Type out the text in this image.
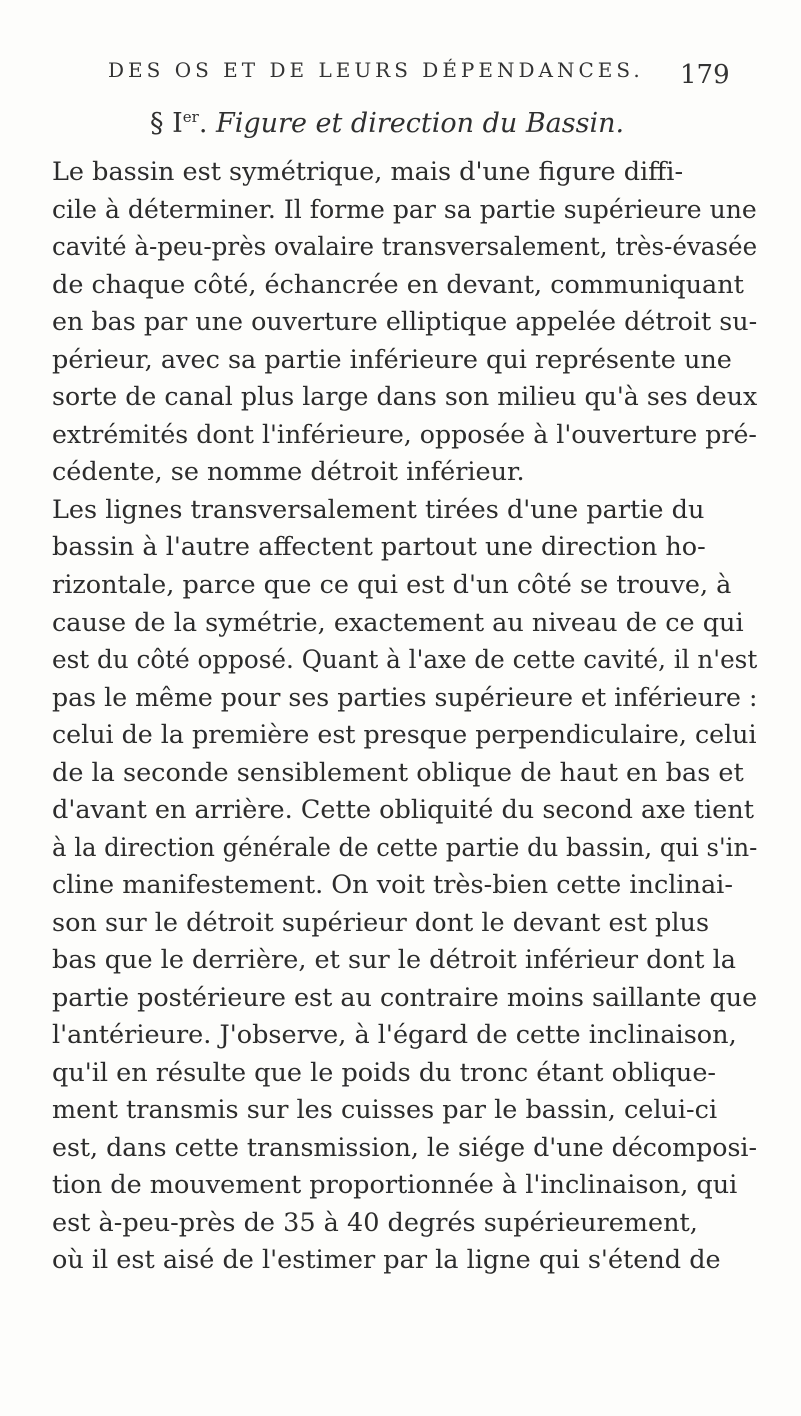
DES OS ET DE LEURS DÉPENDANCES. 179
§ Ier. Figure et direction du Bassin.
Le bassin est symétrique, mais d'une figure diffi-
cile à déterminer. Il forme par sa partie supérieure une
cavité à-peu-près ovalaire transversalement, très-évasée
de chaque côté, échancrée en devant, communiquant
en bas par une ouverture elliptique appelée détroit su-
périeur, avec sa partie inférieure qui représente une
sorte de canal plus large dans son milieu qu'à ses deux
extrémités dont l'inférieure, opposée à l'ouverture pré-
cédente, se nomme détroit inférieur.
Les lignes transversalement tirées d'une partie du
bassin à l'autre affectent partout une direction ho-
rizontale, parce que ce qui est d'un côté se trouve, à
cause de la symétrie, exactement au niveau de ce qui
est du côté opposé. Quant à l'axe de cette cavité, il n'est
pas le même pour ses parties supérieure et inférieure :
celui de la première est presque perpendiculaire, celui
de la seconde sensiblement oblique de haut en bas et
d'avant en arrière. Cette obliquité du second axe tient
à la direction générale de cette partie du bassin, qui s'in-
cline manifestement. On voit très-bien cette inclinai-
son sur le détroit supérieur dont le devant est plus
bas que le derrière, et sur le détroit inférieur dont la
partie postérieure est au contraire moins saillante que
l'antérieure. J'observe, à l'égard de cette inclinaison,
qu'il en résulte que le poids du tronc étant oblique-
ment transmis sur les cuisses par le bassin, celui-ci
est, dans cette transmission, le siége d'une décomposi-
tion de mouvement proportionnée à l'inclinaison, qui
est à-peu-près de 35 à 40 degrés supérieurement,
où il est aisé de l'estimer par la ligne qui s'étend de
